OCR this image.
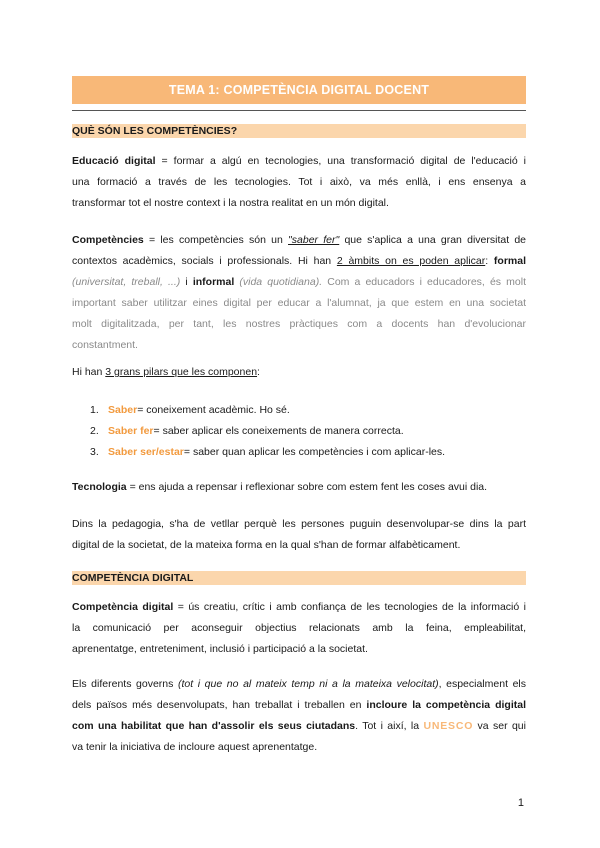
TEMA 1: COMPETÈNCIA DIGITAL DOCENT
QUÈ SÓN LES COMPETÈNCIES?
Educació digital = formar a algú en tecnologies, una transformació digital de l'educació i
una formació a través de les tecnologies. Tot i això, va més enllà, i ens ensenya a
transformar tot el nostre context i la nostra realitat en un món digital.
Competències = les competències són un "saber fer" que s'aplica a una gran diversitat de
contextos acadèmics, socials i professionals. Hi han 2 àmbits on es poden aplicar: formal
(universitat, treball, ...) i informal (vida quotidiana). Com a educadors i educadores, és molt
important saber utilitzar eines digital per educar a l'alumnat, ja que estem en una societat
molt digitalitzada, per tant, les nostres pràctiques com a docents han d'evolucionar
constantment.
Hi han 3 grans pilars que les componen:
1. Saber = coneixement acadèmic. Ho sé.
2. Saber fer = saber aplicar els coneixements de manera correcta.
3. Saber ser/estar = saber quan aplicar les competències i com aplicar-les.
Tecnologia = ens ajuda a repensar i reflexionar sobre com estem fent les coses avui dia.
Dins la pedagogia, s'ha de vetllar perquè les persones puguin desenvolupar-se dins la part
digital de la societat, de la mateixa forma en la qual s'han de formar alfabèticament.
COMPETÈNCIA DIGITAL
Competència digital = ús creatiu, crític i amb confiança de les tecnologies de la informació i
la comunicació per aconseguir objectius relacionats amb la feina, empleabilitat,
aprenentatge, entreteniment, inclusió i participació a la societat.
Els diferents governs (tot i que no al mateix temp ni a la mateixa velocitat), especialment els
dels països més desenvolupats, han treballat i treballen en incloure la competència digital
com una habilitat que han d'assolir els seus ciutadans. Tot i així, la UNESCO va ser qui
va tenir la iniciativa de incloure aquest aprenentatge.
1
